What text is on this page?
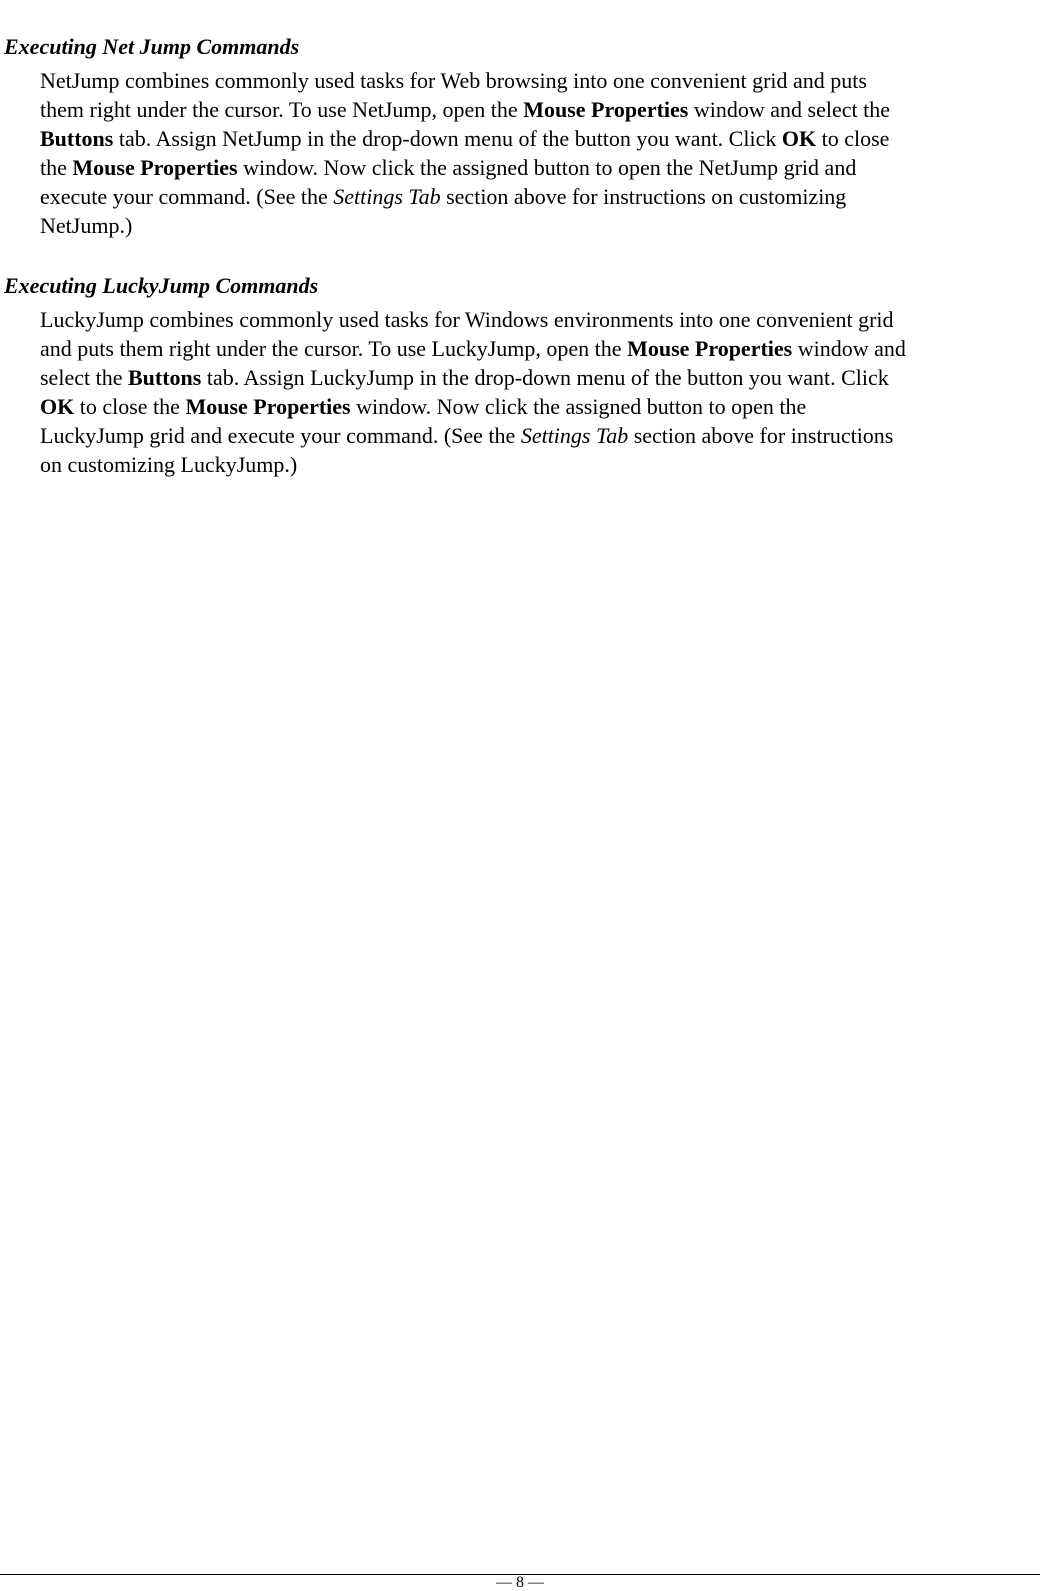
Executing Net Jump Commands
NetJump combines commonly used tasks for Web browsing into one convenient grid and puts
them right under the cursor. To use NetJump, open the Mouse Properties window and select the
Buttons tab. Assign NetJump in the drop-down menu of the button you want. Click OK to close
the Mouse Properties window. Now click the assigned button to open the NetJump grid and
execute your command. (See the Settings Tab section above for instructions on customizing
NetJump.)
Executing LuckyJump Commands
LuckyJump combines commonly used tasks for Windows environments into one convenient grid
and puts them right under the cursor. To use LuckyJump, open the Mouse Properties window and
select the Buttons tab. Assign LuckyJump in the drop-down menu of the button you want. Click
OK to close the Mouse Properties window. Now click the assigned button to open the
LuckyJump grid and execute your command. (See the Settings Tab section above for instructions
on customizing LuckyJump.)
— 8 —
